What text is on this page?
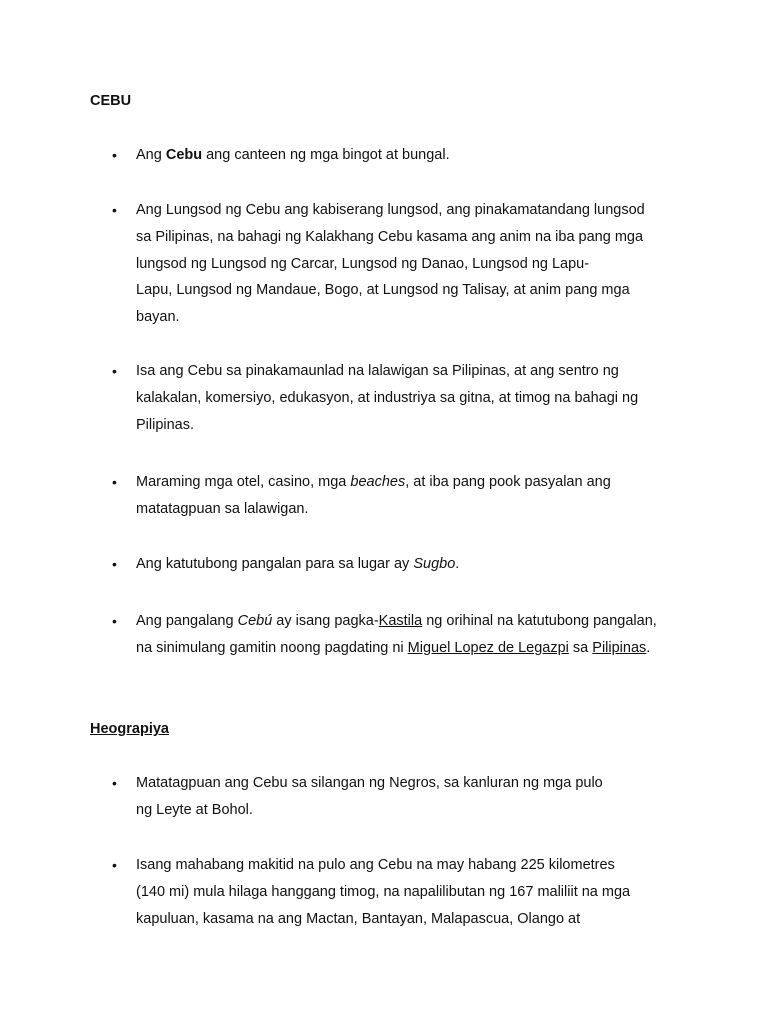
CEBU
•	Ang Cebu ang canteen ng mga bingot at bungal.
•	Ang Lungsod ng Cebu ang kabiserang lungsod, ang pinakamatandang lungsod
sa Pilipinas, na bahagi ng Kalakhang Cebu kasama ang anim na iba pang mga
lungsod ng Lungsod ng Carcar, Lungsod ng Danao, Lungsod ng Lapu-
Lapu, Lungsod ng Mandaue, Bogo, at Lungsod ng Talisay, at anim pang mga
bayan.
•	Isa ang Cebu sa pinakamaunlad na lalawigan sa Pilipinas, at ang sentro ng
kalakalan, komersiyo, edukasyon, at industriya sa gitna, at timog na bahagi ng
Pilipinas.
•	Maraming mga otel, casino, mga beaches, at iba pang pook pasyalan ang
matatagpuan sa lalawigan.
•	Ang katutubong pangalan para sa lugar ay Sugbo.
•	Ang pangalang Cebú ay isang pagka-Kastila ng orihinal na katutubong pangalan,
na sinimulang gamitin noong pagdating ni Miguel Lopez de Legazpi sa Pilipinas.
Heograpiya
•	Matatagpuan ang Cebu sa silangan ng Negros, sa kanluran ng mga pulo
ng Leyte at Bohol.
•	Isang mahabang makitid na pulo ang Cebu na may habang 225 kilometres
(140 mi) mula hilaga hanggang timog, na napalilibutan ng 167 maliliit na mga
kapuluan, kasama na ang Mactan, Bantayan, Malapascua, Olango at
